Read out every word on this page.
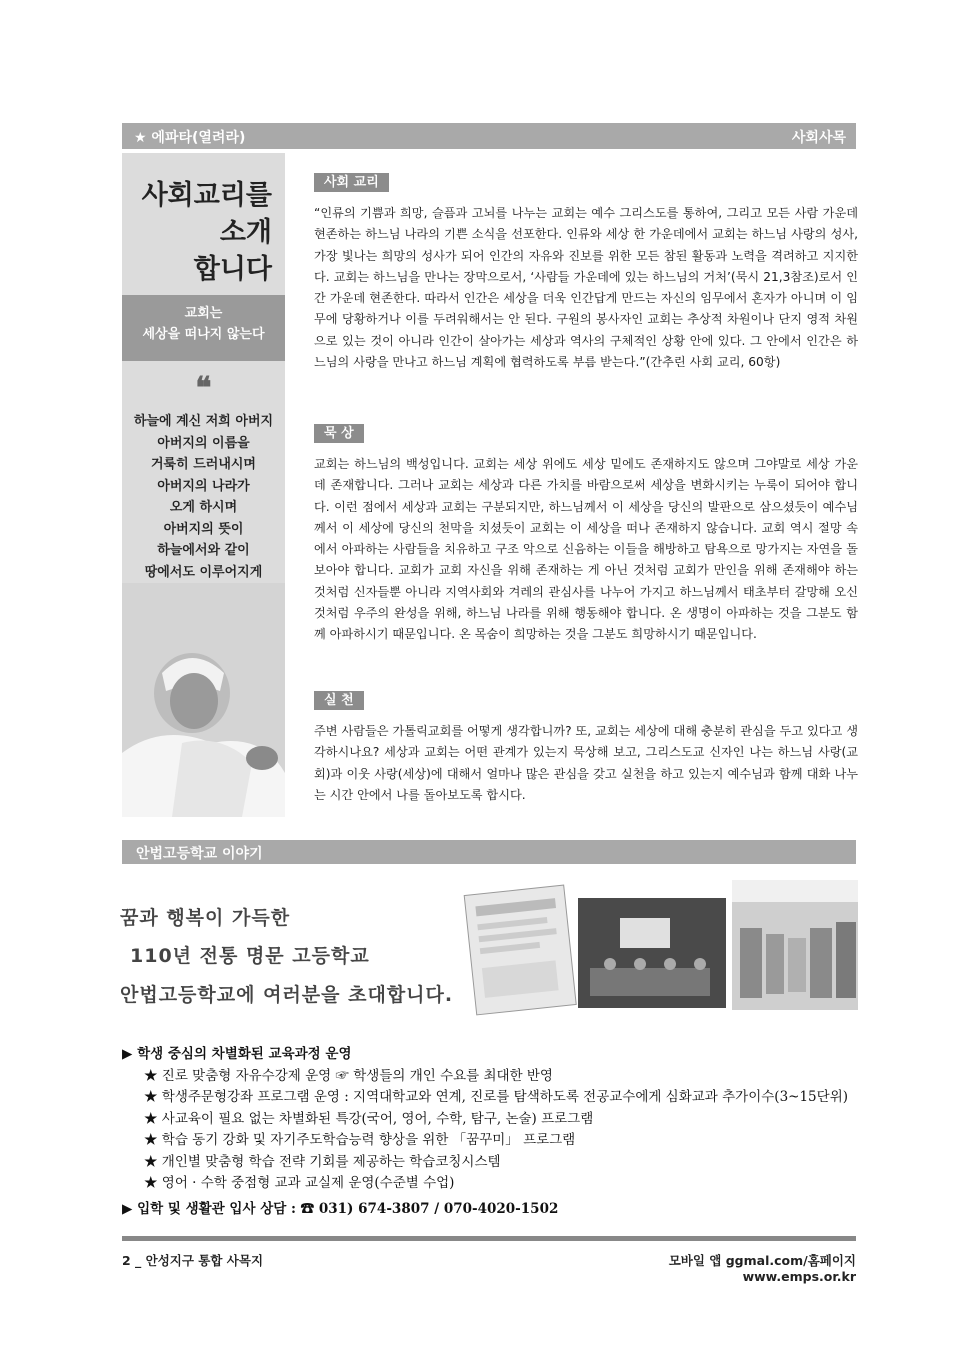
★ 에파타(열려라)	사회사목
사회교리를
소개
합니다
교회는
세상을 떠나지 않는다
❝
하늘에 계신 저희 아버지
아버지의 이름을
거룩히 드러내시며
아버지의 나라가
오게 하시며
아버지의 뜻이
하늘에서와 같이
땅에서도 이루어지게
사회 교리
“인류의 기쁨과 희망, 슬픔과 고뇌를 나누는 교회는 예수 그리스도를 통하여, 그리고 모든 사람 가운데 현존하는 하느님 나라의 기쁜 소식을 선포한다. 인류와 세상 한 가운데에서 교회는 하느님 사랑의 성사, 가장 빛나는 희망의 성사가 되어 인간의 자유와 진보를 위한 모든 참된 활동과 노력을 격려하고 지지한다. 교회는 하느님을 만나는 장막으로서, ‘사람들 가운데에 있는 하느님의 거처’(묵시 21,3참조)로서 인간 가운데 현존한다. 따라서 인간은 세상을 더욱 인간답게 만드는 자신의 임무에서 혼자가 아니며 이 임무에 당황하거나 이를 두려워해서는 안 된다. 구원의 봉사자인 교회는 추상적 차원이나 단지 영적 차원으로 있는 것이 아니라 인간이 살아가는 세상과 역사의 구체적인 상황 안에 있다. 그 안에서 인간은 하느님의 사랑을 만나고 하느님 계획에 협력하도록 부름 받는다.”(간추린 사회 교리, 60항)
묵 상
교회는 하느님의 백성입니다. 교회는 세상 위에도 세상 밑에도 존재하지도 않으며 그야말로 세상 가운데 존재합니다. 그러나 교회는 세상과 다른 가치를 바람으로써 세상을 변화시키는 누룩이 되어야 합니다. 이런 점에서 세상과 교회는 구분되지만, 하느님께서 이 세상을 당신의 발판으로 삼으셨듯이 예수님께서 이 세상에 당신의 천막을 치셨듯이 교회는 이 세상을 떠나 존재하지 않습니다. 교회 역시 절망 속에서 아파하는 사람들을 치유하고 구조 악으로 신음하는 이들을 해방하고 탐욕으로 망가지는 자연을 돌보아야 합니다. 교회가 교회 자신을 위해 존재하는 게 아닌 것처럼 교회가 만인을 위해 존재해야 하는 것처럼 신자들뿐 아니라 지역사회와 겨레의 관심사를 나누어 가지고 하느님께서 태초부터 갈망해 오신 것처럼 우주의 완성을 위해, 하느님 나라를 위해 행동해야 합니다. 온 생명이 아파하는 것을 그분도 함께 아파하시기 때문입니다. 온 목숨이 희망하는 것을 그분도 희망하시기 때문입니다.
실 천
주변 사람들은 가톨릭교회를 어떻게 생각합니까? 또, 교회는 세상에 대해 충분히 관심을 두고 있다고 생각하시나요? 세상과 교회는 어떤 관계가 있는지 묵상해 보고, 그리스도교 신자인 나는 하느님 사랑(교회)과 이웃 사랑(세상)에 대해서 얼마나 많은 관심을 갖고 실천을 하고 있는지 예수님과 함께 대화 나누는 시간 안에서 나를 돌아보도록 합시다.
안법고등학교 이야기
꿈과 행복이 가득한
110년 전통 명문 고등학교
안법고등학교에 여러분을 초대합니다.
▶ 학생 중심의 차별화된 교육과정 운영
★ 진로 맞춤형 자유수강제 운영 ☞ 학생들의 개인 수요를 최대한 반영
★ 학생주문형강좌 프로그램 운영 : 지역대학교와 연계, 진로를 탐색하도록 전공교수에게 심화교과 추가이수(3~15단위)
★ 사교육이 필요 없는 차별화된 특강(국어, 영어, 수학, 탐구, 논술) 프로그램
★ 학습 동기 강화 및 자기주도학습능력 향상을 위한 「꿈꾸미」 프로그램
★ 개인별 맞춤형 학습 전략 기회를 제공하는 학습코칭시스템
★ 영어 · 수학 중점형 교과 교실제 운영(수준별 수업)
▶ 입학 및 생활관 입사 상담 : ☎ 031) 674-3807 / 070-4020-1502
2 _ 안성지구 통합 사목지	모바일 앱 ggmal.com/홈페이지 www.emps.or.kr
